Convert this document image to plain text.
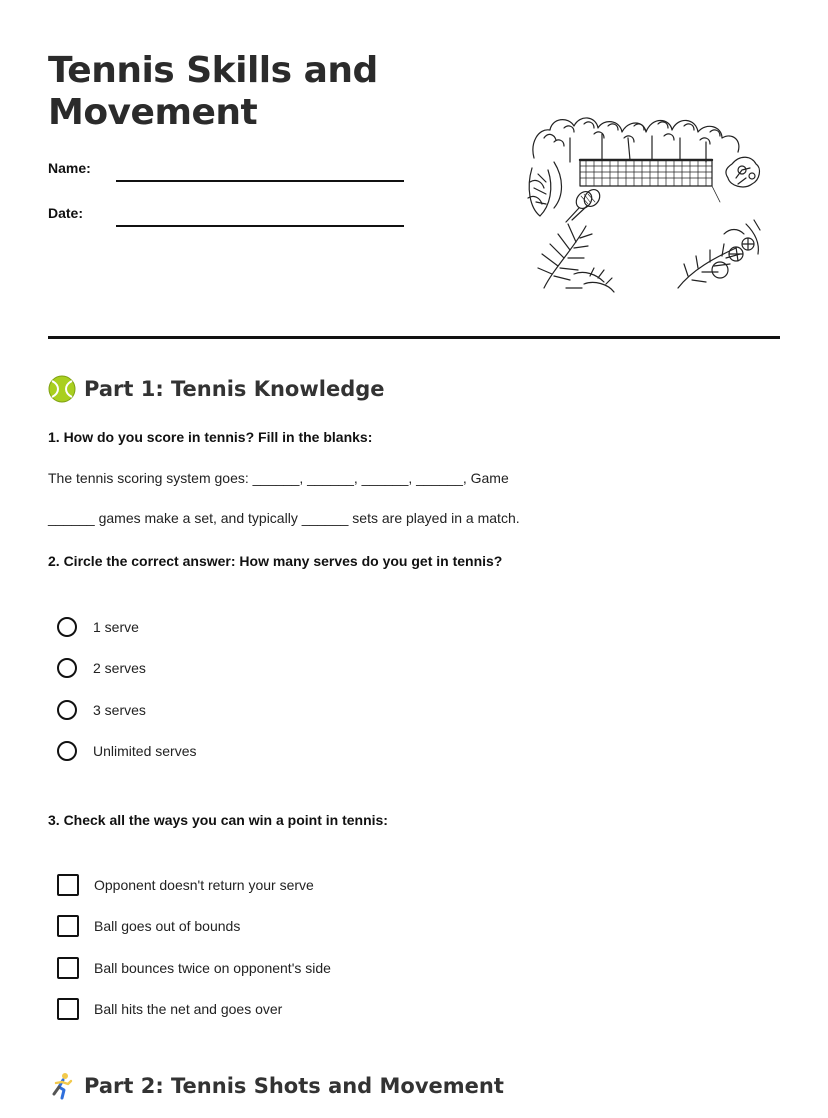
Tennis Skills and
Movement
Name:
Date:
Part 1: Tennis Knowledge
1. How do you score in tennis? Fill in the blanks:
The tennis scoring system goes: ______, ______, ______, ______, Game
______ games make a set, and typically ______ sets are played in a match.
2. Circle the correct answer: How many serves do you get in tennis?
1 serve
2 serves
3 serves
Unlimited serves
3. Check all the ways you can win a point in tennis:
Opponent doesn't return your serve
Ball goes out of bounds
Ball bounces twice on opponent's side
Ball hits the net and goes over
Part 2: Tennis Shots and Movement
